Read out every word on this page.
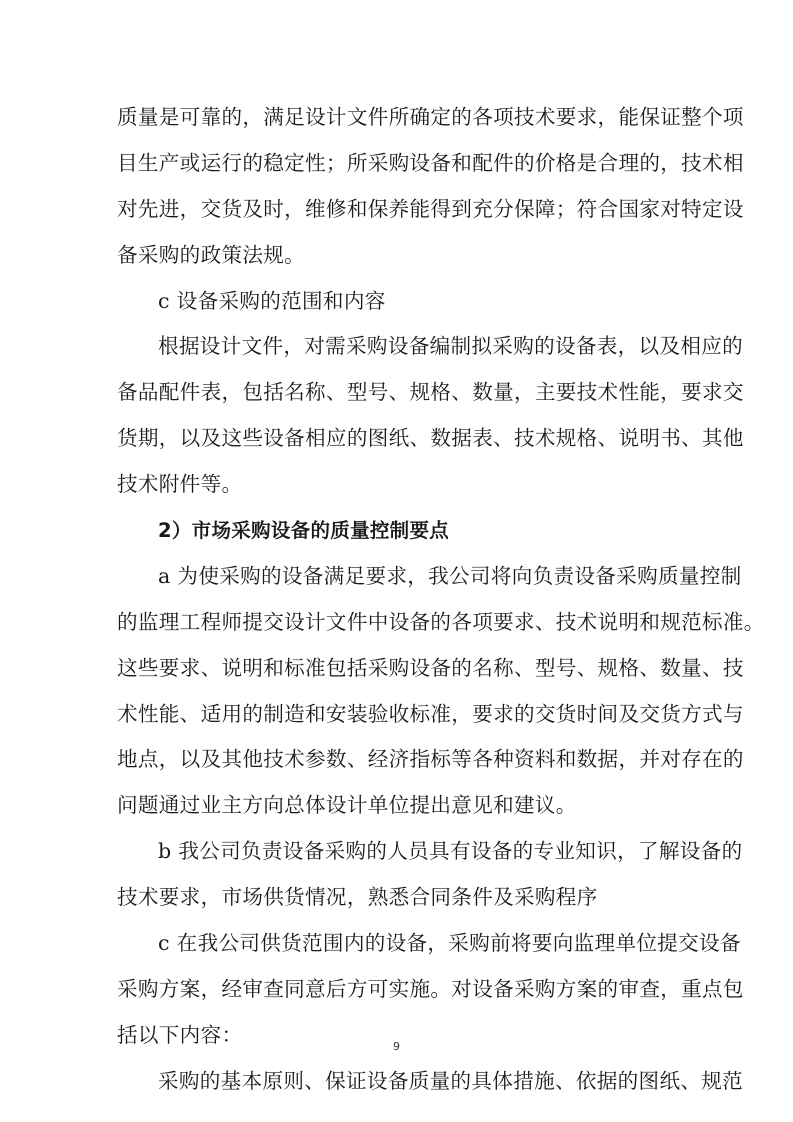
质量是可靠的，满足设计文件所确定的各项技术要求，能保证整个项
目生产或运行的稳定性；所采购设备和配件的价格是合理的，技术相
对先进，交货及时，维修和保养能得到充分保障；符合国家对特定设
备采购的政策法规。
c 设备采购的范围和内容
根据设计文件，对需采购设备编制拟采购的设备表，以及相应的
备品配件表，包括名称、型号、规格、数量，主要技术性能，要求交
货期，以及这些设备相应的图纸、数据表、技术规格、说明书、其他
技术附件等。
2）市场采购设备的质量控制要点
a 为使采购的设备满足要求，我公司将向负责设备采购质量控制
的监理工程师提交设计文件中设备的各项要求、技术说明和规范标准。
这些要求、说明和标准包括采购设备的名称、型号、规格、数量、技
术性能、适用的制造和安装验收标准，要求的交货时间及交货方式与
地点，以及其他技术参数、经济指标等各种资料和数据，并对存在的
问题通过业主方向总体设计单位提出意见和建议。
b 我公司负责设备采购的人员具有设备的专业知识，了解设备的
技术要求，市场供货情况，熟悉合同条件及采购程序
c 在我公司供货范围内的设备，采购前将要向监理单位提交设备
采购方案，经审查同意后方可实施。对设备采购方案的审查，重点包
括以下内容：
采购的基本原则、保证设备质量的具体措施、依据的图纸、规范
9
